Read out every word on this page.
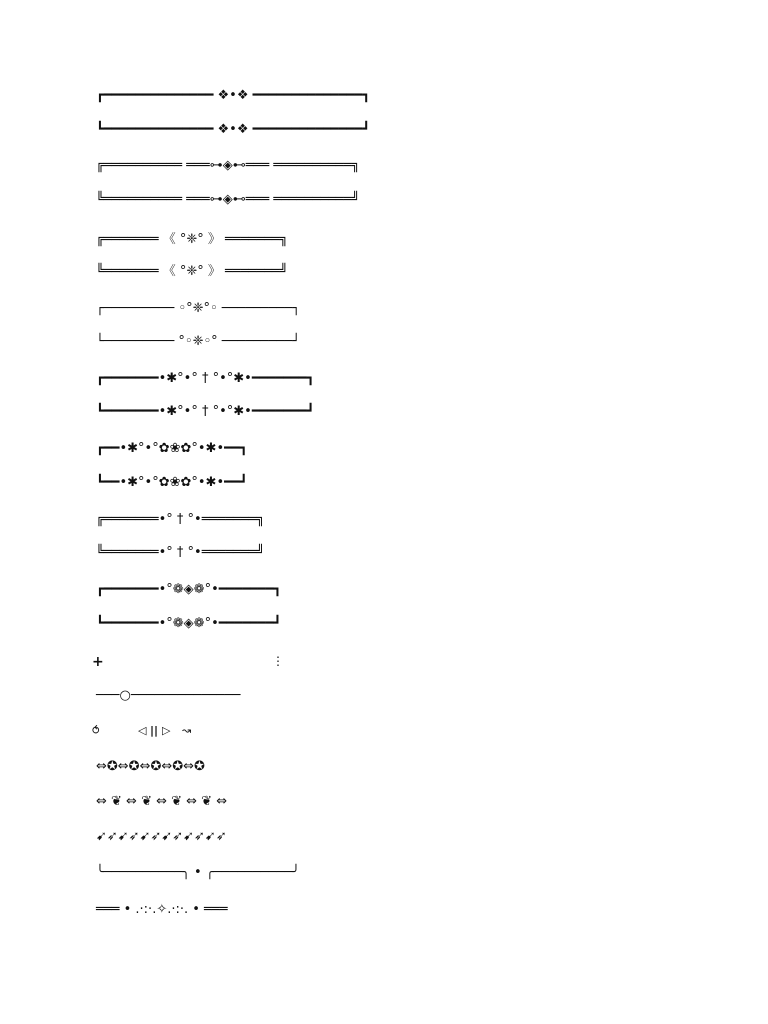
┏━━━━━━━━━━━━━━ ❖•❖ ━━━━━━━━━━━━━━┓
┗━━━━━━━━━━━━━━ ❖•❖ ━━━━━━━━━━━━━━┛
╔══════════ ═══⊶◈⊷═══ ══════════╗
╚══════════ ═══⊶◈⊷═══ ══════════╝
╔═══════ 《 °❈° 》 ═══════╗
╚═══════ 《 °❈° 》 ═══════╝
┌───────── ◦°❈°◦ ─────────┐
└───────── °◦❈◦° ─────────┘
┏━━━━━━━•✱°•° † °•°✱•━━━━━━━┓
┗━━━━━━━•✱°•° † °•°✱•━━━━━━━┛
┏━━•✱°•°✿❀✿°•✱•━━┓
┗━━•✱°•°✿❀✿°•✱•━━┛
╔═══════•° † °•═══════╗
╚═══════•° † °•═══════╝
┏━━━━━━━•°❁◈❁°•━━━━━━━┓
┗━━━━━━━•°❁◈❁°•━━━━━━━┛
+	⋮
───○──────────────
⥀	◁ || ▷ ↝
⇔✪⇔✪⇔✪⇔✪⇔✪
⇔ ❦ ⇔ ❦ ⇔ ❦ ⇔ ❦ ⇔
➹➶➹➶➹➶➹➶➹➶➹➶
╰──────────╮ • ╭──────────╯
═══ • .·:·.✧.·:·. • ═══
